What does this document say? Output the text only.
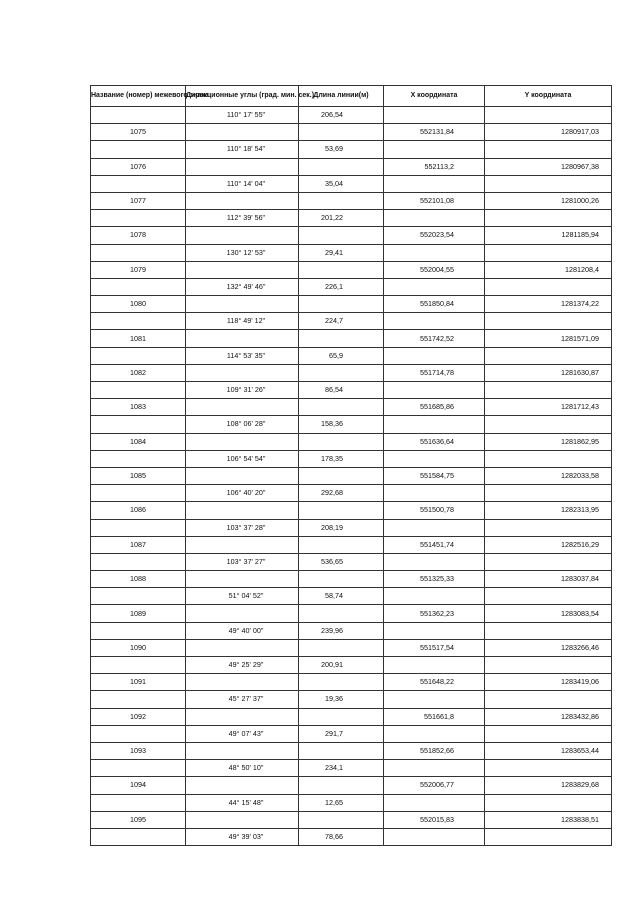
Название (номер) межевого знака	Дирекционные углы (град. мин. сек.)	Длина линии(м)	X координата	Y координата

	110° 17' 55"	206,54		

1075			552131,84	1280917,03

	110° 18' 54"	53,69		

1076			552113,2	1280967,38

	110° 14' 04"	35,04		

1077			552101,08	1281000,26

	112° 39' 56"	201,22		

1078			552023,54	1281185,94

	130° 12' 53"	29,41		

1079			552004,55	1281208,4

	132° 49' 46"	226,1		

1080			551850,84	1281374,22

	118° 49' 12"	224,7		

1081			551742,52	1281571,09

	114° 53' 35"	65,9		

1082			551714,78	1281630,87

	109° 31' 26"	86,54		

1083			551685,86	1281712,43

	108° 06' 28"	158,36		

1084			551636,64	1281862,95

	106° 54' 54"	178,35		

1085			551584,75	1282033,58

	106° 40' 20"	292,68		

1086			551500,78	1282313,95

	103° 37' 28"	208,19		

1087			551451,74	1282516,29

	103° 37' 27"	536,65		

1088			551325,33	1283037,84

	51° 04' 52"	58,74		

1089			551362,23	1283083,54

	49° 40' 00"	239,96		

1090			551517,54	1283266,46

	49° 25' 29"	200,91		

1091			551648,22	1283419,06

	45° 27' 37"	19,36		

1092			551661,8	1283432,86

	49° 07' 43"	291,7		

1093			551852,66	1283653,44

	48° 50' 10"	234,1		

1094			552006,77	1283829,68

	44° 15' 48"	12,65		

1095			552015,83	1283838,51

	49° 39' 03"	78,66		
